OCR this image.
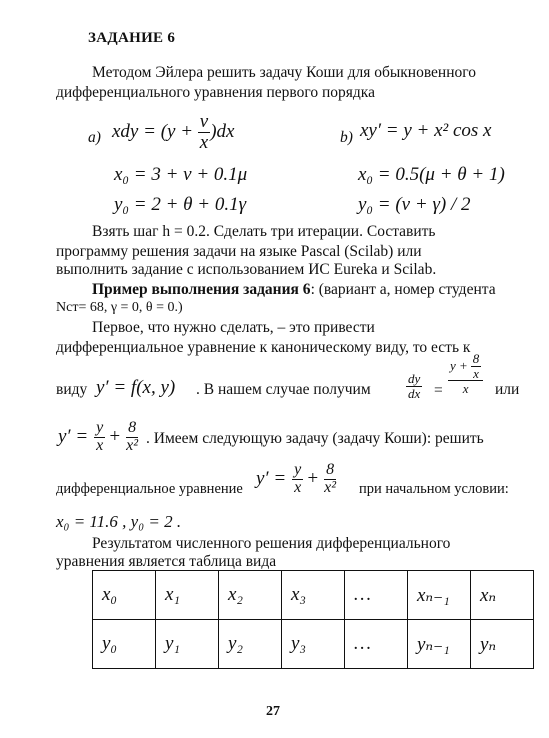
ЗАДАНИЕ 6
Методом Эйлера решить задачу Коши для обыкновенного
дифференциального уравнения первого порядка
a) xdy = $(y + \frac{\nu}{x} )dx$
x₀ = 3 + ν + 0.1μ
y₀ = 2 + θ + 0.1γ
b) xy′ = y + x² cos x
x₀ = 0.5(μ + θ + 1)
y₀ = (ν + γ) / 2
Взять шаг h = 0.2. Сделать три итерации. Составить
программу решения задачи на языке Pascal (Scilab) или
выполнить задание с использованием ИС Eureka и Scilab.
Пример выполнения задания 6: (вариант a, номер студента
Nст= 68, γ = 0, θ = 0.)
Первое, что нужно сделать, – это привести
дифференциальное уравнение к каноническому виду, то есть к
виду y′ = f(x, y) . В нашем случае получим	$\frac{dy}{dx}$ =
$y + \frac{8}{x}$
x или
$y' = \frac{y}{x} + \frac{8}{\text{x²}}$ . Имеем следующую задачу (задачу Коши): решить
дифференциальное уравнение $y' = \frac{y}{x} + \frac{8}{\text{x²}}$ при начальном условии:
x₀ = 11.6 , y₀ = 2 .
Результатом численного решения дифференциального
уравнения является таблица вида
x₀	x₁	x₂	x₃	…	xₙ₋₁	xₙ
y₀	y₁	y₂	y₃	…	yₙ₋₁	yₙ
27
